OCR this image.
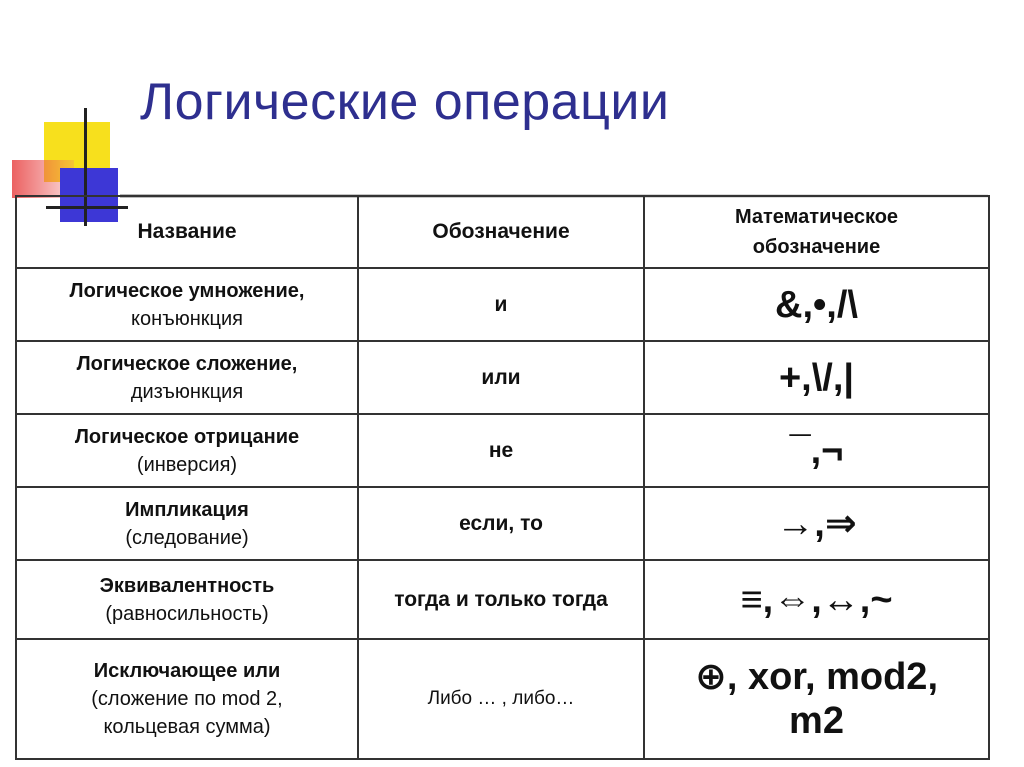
Логические операции
Название	Обозначение	Математическое обозначение

Логическое умножение,
конъюнкция	и	&,•,/\

Логическое сложение,
дизъюнкция	или	+,\/,|

Логическое отрицание
(инверсия)	не	¯,¬

Импликация
(следование)	если, то	→,⇒

Эквивалентность
(равносильность)	тогда и только тогда	≡,⇔,↔,~

Исключающее или
(сложение по mod 2, кольцевая сумма)	Либо … , либо…	⊕, xor, mod2, m2
